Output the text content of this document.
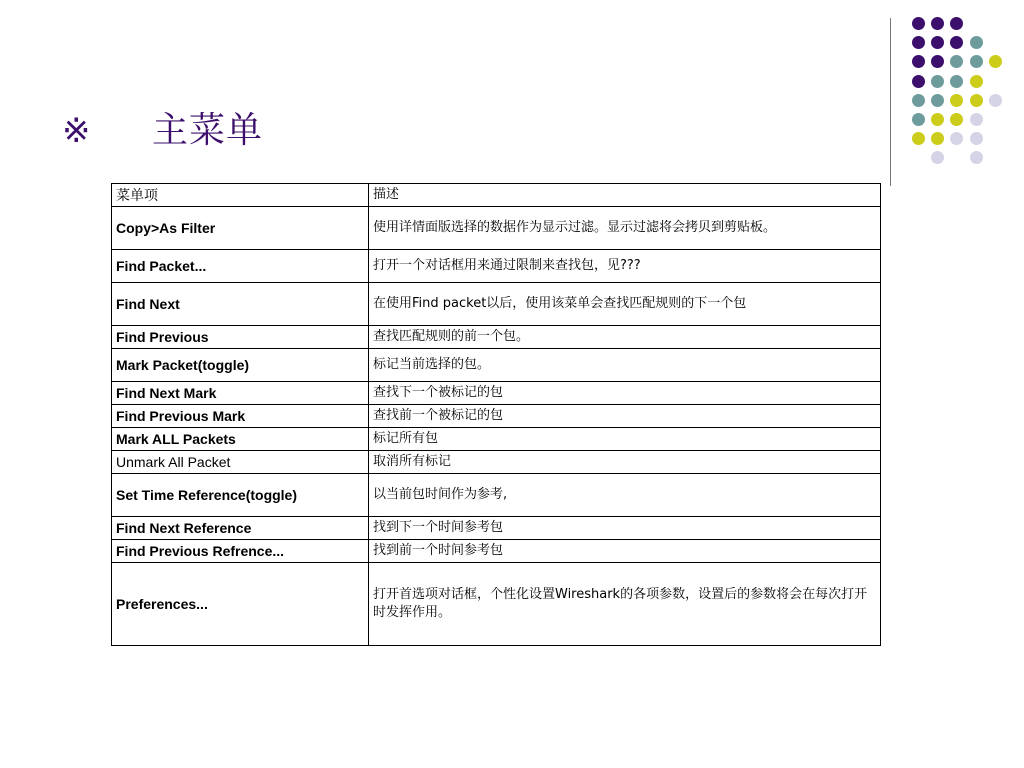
※	主菜单
菜单项	描述
Copy>As Filter	使用详情面版选择的数据作为显示过滤。显示过滤将会拷贝到剪贴板。
Find Packet...	打开一个对话框用来通过限制来查找包，见???
Find Next	在使用Find packet以后，使用该菜单会查找匹配规则的下一个包
Find Previous	查找匹配规则的前一个包。
Mark Packet(toggle)	标记当前选择的包。
Find Next Mark	查找下一个被标记的包
Find Previous Mark	查找前一个被标记的包
Mark ALL Packets	标记所有包
Unmark All Packet	取消所有标记
Set Time Reference(toggle)	以当前包时间作为参考,
Find Next Reference	找到下一个时间参考包
Find Previous Refrence...	找到前一个时间参考包
Preferences...	打开首选项对话框，个性化设置Wireshark的各项参数，设置后的参数将会在每次打开时发挥作用。
